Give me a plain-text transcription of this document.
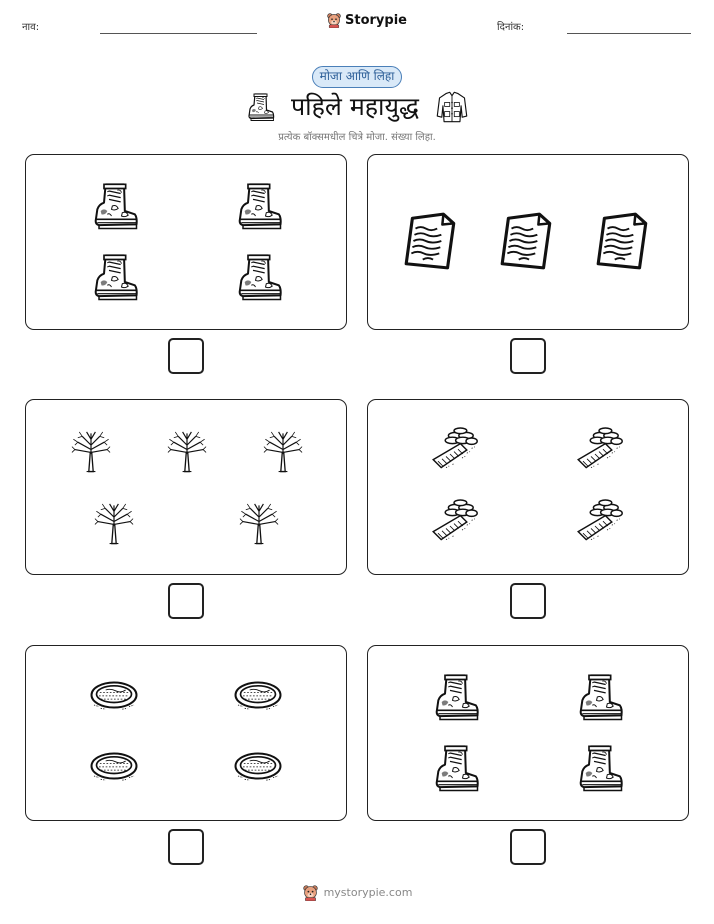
नाव:	Storypie	दिनांक:
मोजा आणि लिहा
पहिले महायुद्ध
प्रत्येक बॉक्समधील चित्रे मोजा. संख्या लिहा.
mystorypie.com
